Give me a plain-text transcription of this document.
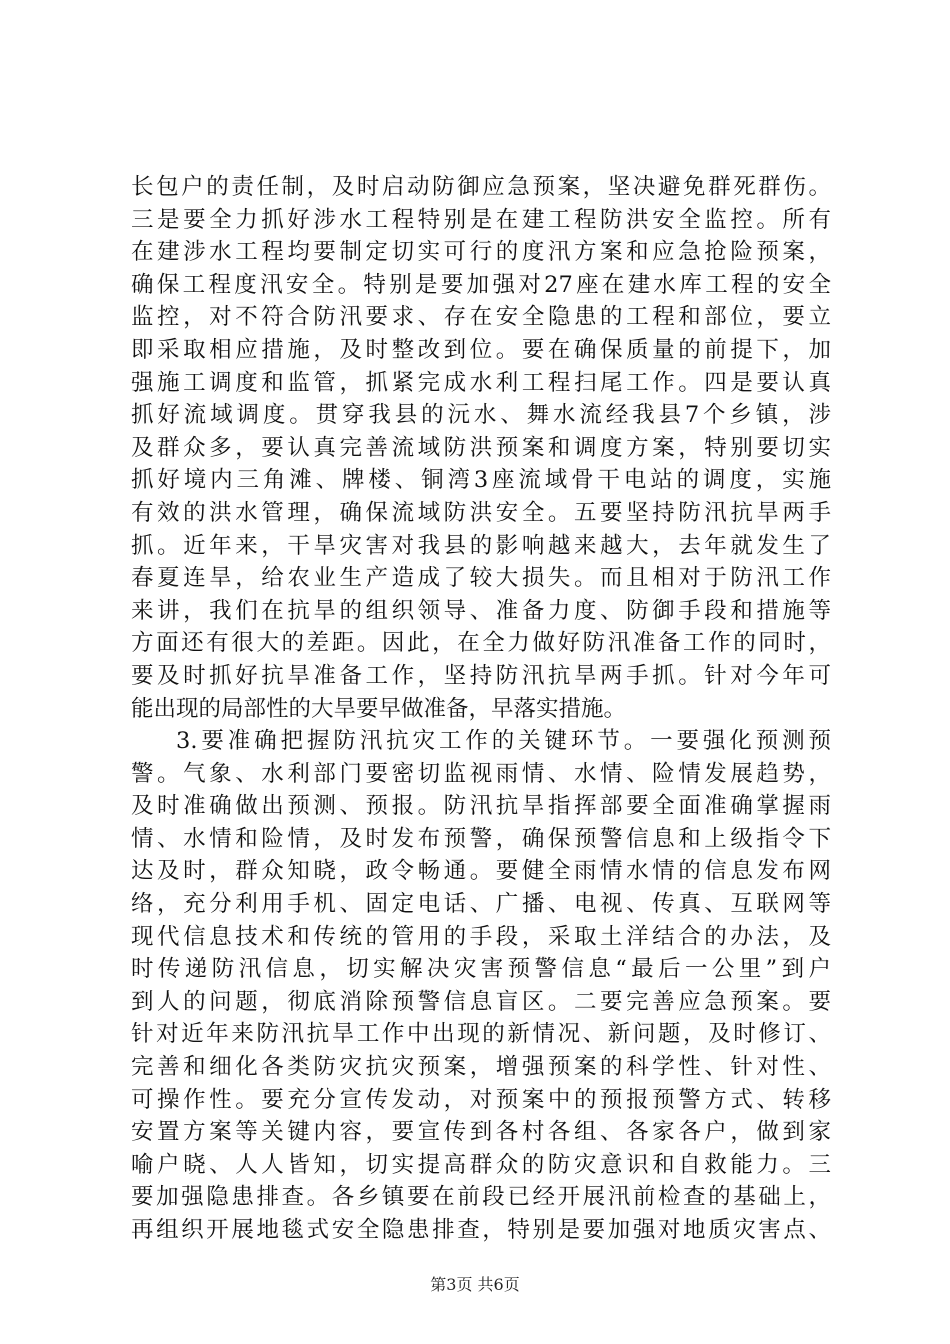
长包户的责任制，及时启动防御应急预案，坚决避免群死群伤。
三是要全力抓好涉水工程特别是在建工程防洪安全监控。所有
在建涉水工程均要制定切实可行的度汛方案和应急抢险预案，
确保工程度汛安全。特别是要加强对27座在建水库工程的安全
监控，对不符合防汛要求、存在安全隐患的工程和部位，要立
即采取相应措施，及时整改到位。要在确保质量的前提下，加
强施工调度和监管，抓紧完成水利工程扫尾工作。四是要认真
抓好流域调度。贯穿我县的沅水、舞水流经我县7个乡镇，涉
及群众多，要认真完善流域防洪预案和调度方案，特别要切实
抓好境内三角滩、牌楼、铜湾3座流域骨干电站的调度，实施
有效的洪水管理，确保流域防洪安全。五要坚持防汛抗旱两手
抓。近年来，干旱灾害对我县的影响越来越大，去年就发生了
春夏连旱，给农业生产造成了较大损失。而且相对于防汛工作
来讲，我们在抗旱的组织领导、准备力度、防御手段和措施等
方面还有很大的差距。因此，在全力做好防汛准备工作的同时，
要及时抓好抗旱准备工作，坚持防汛抗旱两手抓。针对今年可
能出现的局部性的大旱要早做准备，早落实措施。
3.要准确把握防汛抗灾工作的关键环节。一要强化预测预
警。气象、水利部门要密切监视雨情、水情、险情发展趋势，
及时准确做出预测、预报。防汛抗旱指挥部要全面准确掌握雨
情、水情和险情，及时发布预警，确保预警信息和上级指令下
达及时，群众知晓，政令畅通。要健全雨情水情的信息发布网
络，充分利用手机、固定电话、广播、电视、传真、互联网等
现代信息技术和传统的管用的手段，采取土洋结合的办法，及
时传递防汛信息，切实解决灾害预警信息“最后一公里”到户
到人的问题，彻底消除预警信息盲区。二要完善应急预案。要
针对近年来防汛抗旱工作中出现的新情况、新问题，及时修订、
完善和细化各类防灾抗灾预案，增强预案的科学性、针对性、
可操作性。要充分宣传发动，对预案中的预报预警方式、转移
安置方案等关键内容，要宣传到各村各组、各家各户，做到家
喻户晓、人人皆知，切实提高群众的防灾意识和自救能力。三
要加强隐患排查。各乡镇要在前段已经开展汛前检查的基础上，
再组织开展地毯式安全隐患排查，特别是要加强对地质灾害点、
第3页 共6页
